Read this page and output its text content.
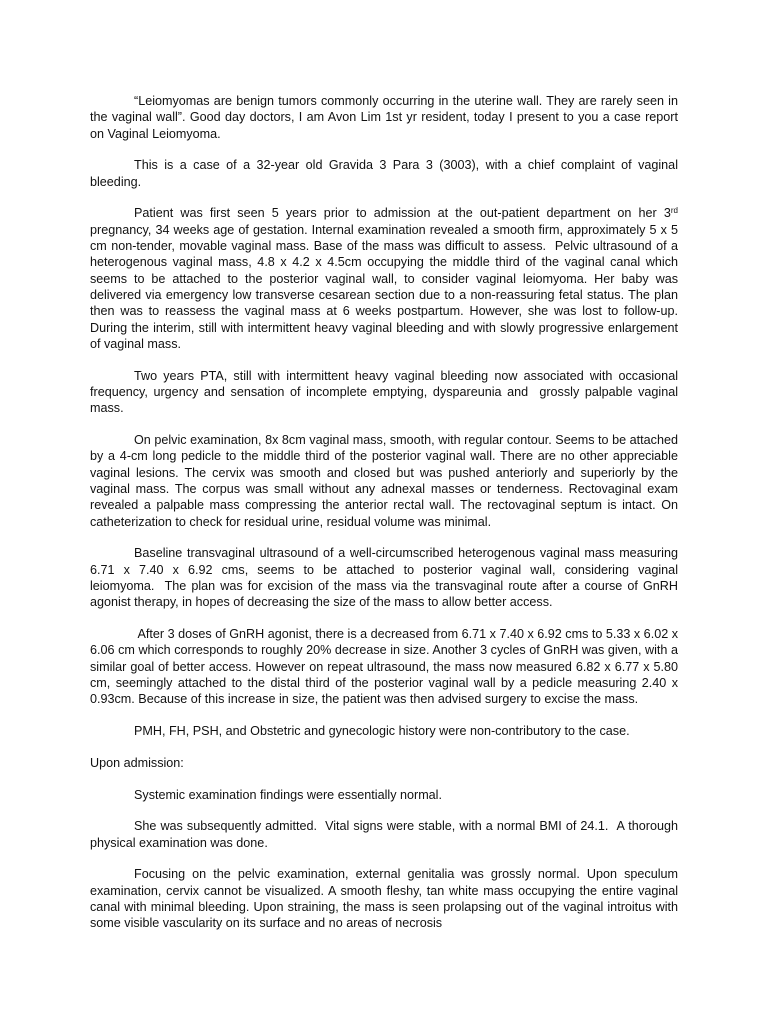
“Leiomyomas are benign tumors commonly occurring in the uterine wall. They are rarely seen in the vaginal wall”. Good day doctors, I am Avon Lim 1st yr resident, today I present to you a case report on Vaginal Leiomyoma.

This is a case of a 32-year old Gravida 3 Para 3 (3003), with a chief complaint of vaginal bleeding.

Patient was first seen 5 years prior to admission at the out-patient department on her 3rd pregnancy, 34 weeks age of gestation. Internal examination revealed a smooth firm, approximately 5 x 5 cm non-tender, movable vaginal mass. Base of the mass was difficult to assess.  Pelvic ultrasound of a heterogenous vaginal mass, 4.8 x 4.2 x 4.5cm occupying the middle third of the vaginal canal which seems to be attached to the posterior vaginal wall, to consider vaginal leiomyoma. Her baby was delivered via emergency low transverse cesarean section due to a non-reassuring fetal status. The plan then was to reassess the vaginal mass at 6 weeks postpartum. However, she was lost to follow-up. During the interim, still with intermittent heavy vaginal bleeding and with slowly progressive enlargement of vaginal mass.

Two years PTA, still with intermittent heavy vaginal bleeding now associated with occasional frequency, urgency and sensation of incomplete emptying, dyspareunia and  grossly palpable vaginal mass.

On pelvic examination, 8x 8cm vaginal mass, smooth, with regular contour. Seems to be attached by a 4-cm long pedicle to the middle third of the posterior vaginal wall. There are no other appreciable vaginal lesions. The cervix was smooth and closed but was pushed anteriorly and superiorly by the vaginal mass. The corpus was small without any adnexal masses or tenderness. Rectovaginal exam revealed a palpable mass compressing the anterior rectal wall. The rectovaginal septum is intact. On catheterization to check for residual urine, residual volume was minimal.

Baseline transvaginal ultrasound of a well-circumscribed heterogenous vaginal mass measuring 6.71 x 7.40 x 6.92 cms, seems to be attached to posterior vaginal wall, considering vaginal leiomyoma.  The plan was for excision of the mass via the transvaginal route after a course of GnRH agonist therapy, in hopes of decreasing the size of the mass to allow better access.

After 3 doses of GnRH agonist, there is a decreased from 6.71 x 7.40 x 6.92 cms to 5.33 x 6.02 x 6.06 cm which corresponds to roughly 20% decrease in size. Another 3 cycles of GnRH was given, with a similar goal of better access. However on repeat ultrasound, the mass now measured 6.82 x 6.77 x 5.80 cm, seemingly attached to the distal third of the posterior vaginal wall by a pedicle measuring 2.40 x 0.93cm. Because of this increase in size, the patient was then advised surgery to excise the mass.

PMH, FH, PSH, and Obstetric and gynecologic history were non-contributory to the case.

Upon admission:

Systemic examination findings were essentially normal.

She was subsequently admitted.  Vital signs were stable, with a normal BMI of 24.1.  A thorough physical examination was done.

Focusing on the pelvic examination, external genitalia was grossly normal. Upon speculum examination, cervix cannot be visualized. A smooth fleshy, tan white mass occupying the entire vaginal canal with minimal bleeding. Upon straining, the mass is seen prolapsing out of the vaginal introitus with some visible vascularity on its surface and no areas of necrosis
